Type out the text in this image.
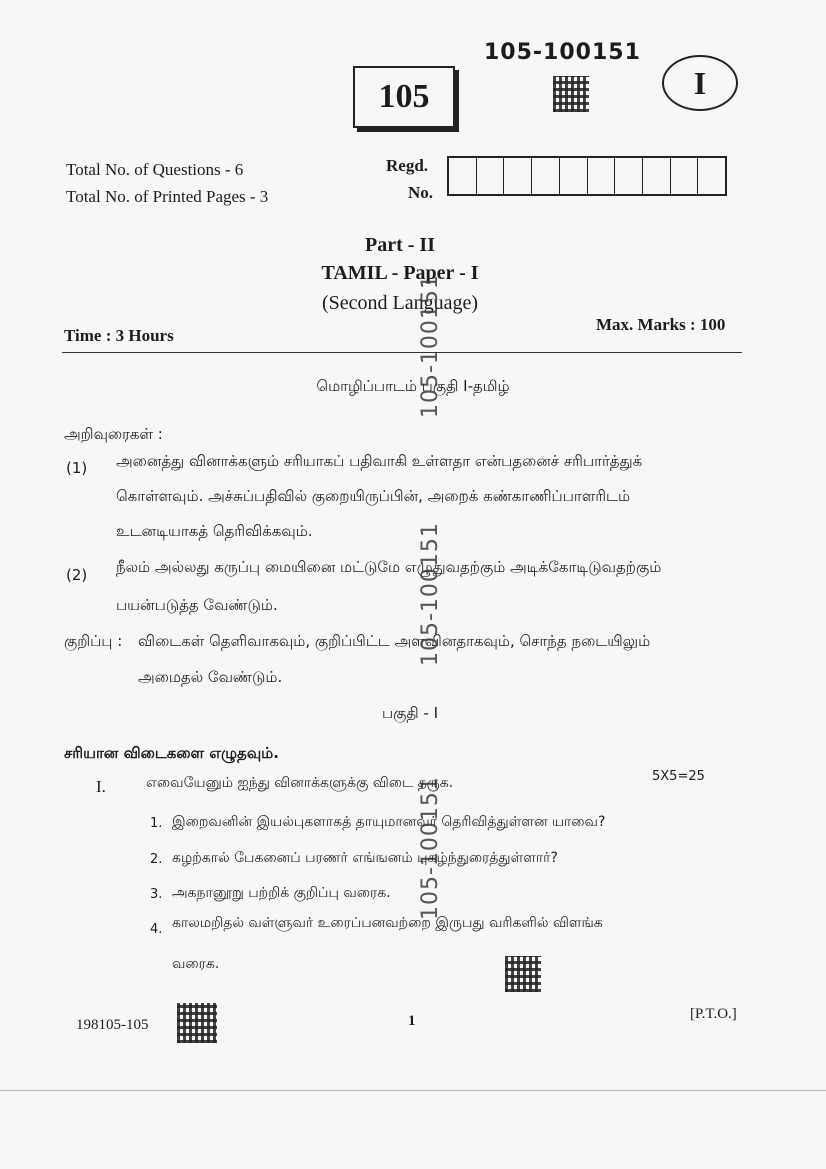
105-100151
105	I
Total No. of Questions - 6
Total No. of Printed Pages - 3
Regd.
No.
Part - II
TAMIL - Paper - I
(Second Language)
Time : 3 Hours
Max. Marks : 100
மொழிப்பாடம் பகுதி I-தமிழ்
அறிவுரைகள் :
(1) அனைத்து வினாக்களும் சரியாகப் பதிவாகி உள்ளதா என்பதனைச் சரிபார்த்துக்
கொள்ளவும். அச்சுப்பதிவில் குறையிருப்பின், அறைக் கண்காணிப்பாளரிடம்
உடனடியாகத் தெரிவிக்கவும்.
(2) நீலம் அல்லது கருப்பு மையினை மட்டுமே எழுதுவதற்கும் அடிக்கோடிடுவதற்கும்
பயன்படுத்த வேண்டும்.
குறிப்பு : விடைகள் தெளிவாகவும், குறிப்பிட்ட அளவினதாகவும், சொந்த நடையிலும்
அமைதல் வேண்டும்.
பகுதி - I
சரியான விடைகளை எழுதவும்.
I.	எவையேனும் ஐந்து வினாக்களுக்கு விடை தருக.	5X5=25
1. இறைவனின் இயல்புகளாகத் தாயுமானவர் தெரிவித்துள்ளன யாவை?
2. கழற்கால் பேகனைப் பரணர் எங்ஙனம் புகழ்ந்துரைத்துள்ளார்?
3. அகநானூறு பற்றிக் குறிப்பு வரைக.
4. காலமறிதல் வள்ளுவர் உரைப்பனவற்றை இருபது வரிகளில் விளங்க
வரைக.
105-100151
105-100151
105-100151
198105-105	1	[P.T.O.]
